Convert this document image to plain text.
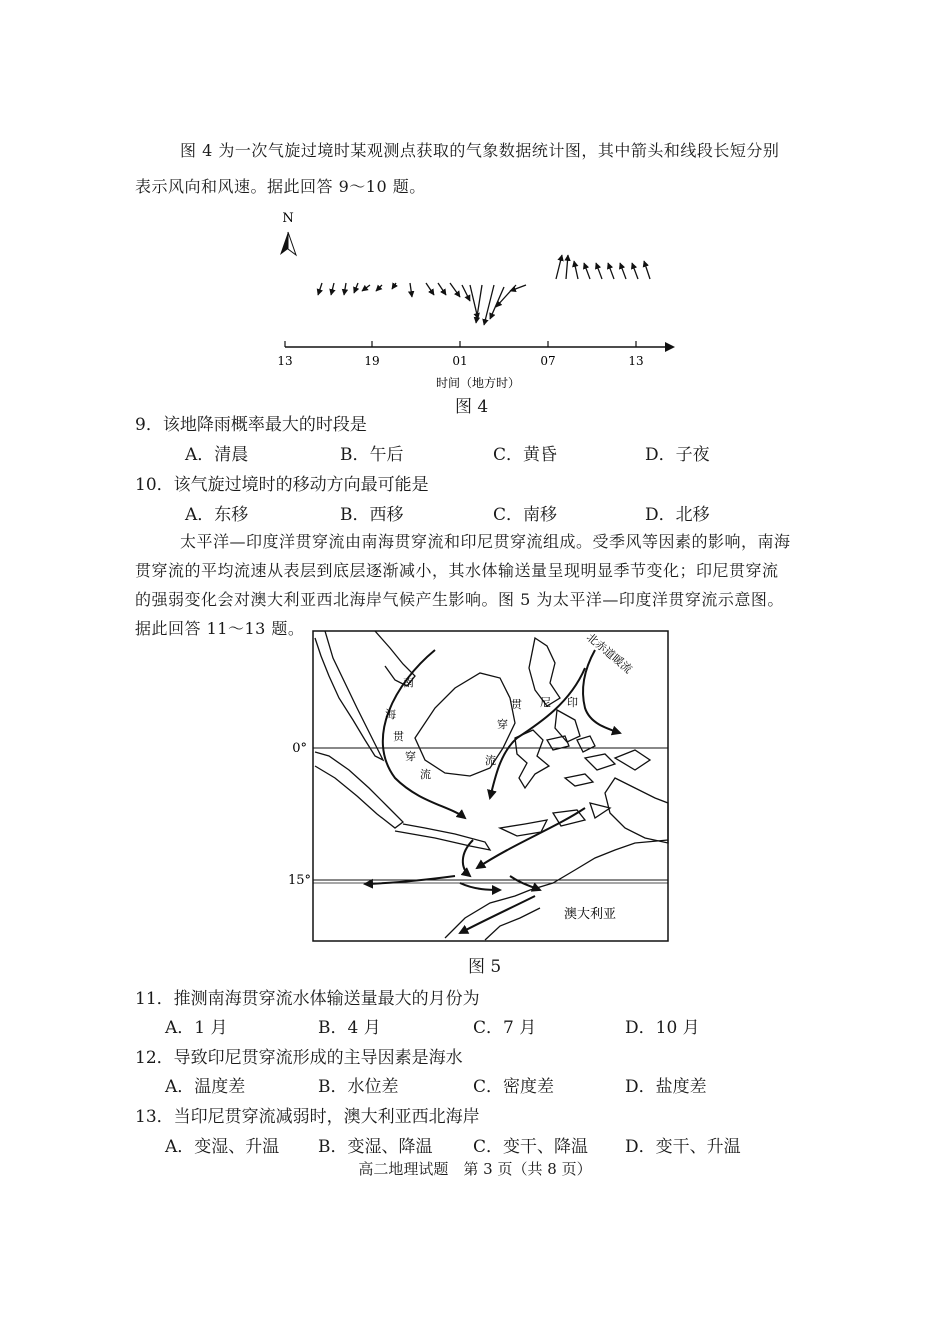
图 4 为一次气旋过境时某观测点获取的气象数据统计图，其中箭头和线段长短分别
表示风向和风速。据此回答 9～10 题。
N
13	19	01	07	13
时间（地方时）
图 4
9．该地降雨概率最大的时段是
A．清晨	B．午后	C．黄昏	D．子夜
10．该气旋过境时的移动方向最可能是
A．东移	B．西移	C．南移	D．北移
太平洋—印度洋贯穿流由南海贯穿流和印尼贯穿流组成。受季风等因素的影响，南海
贯穿流的平均流速从表层到底层逐渐减小，其水体输送量呈现明显季节变化；印尼贯穿流
的强弱变化会对澳大利亚西北海岸气候产生影响。图 5 为太平洋—印度洋贯穿流示意图。
据此回答 11～13 题。
0°
15°
北赤道暖流
南
海
贯
穿
流
印
尼
贯
穿
流
澳大利亚
图 5
11．推测南海贯穿流水体输送量最大的月份为
A．1 月	B．4 月	C．7 月	D．10 月
12．导致印尼贯穿流形成的主导因素是海水
A．温度差	B．水位差	C．密度差	D．盐度差
13．当印尼贯穿流减弱时，澳大利亚西北海岸
A．变湿、升温 B．变湿、降温 C．变干、降温 D．变干、升温
高二地理试题　第 3 页（共 8 页）
